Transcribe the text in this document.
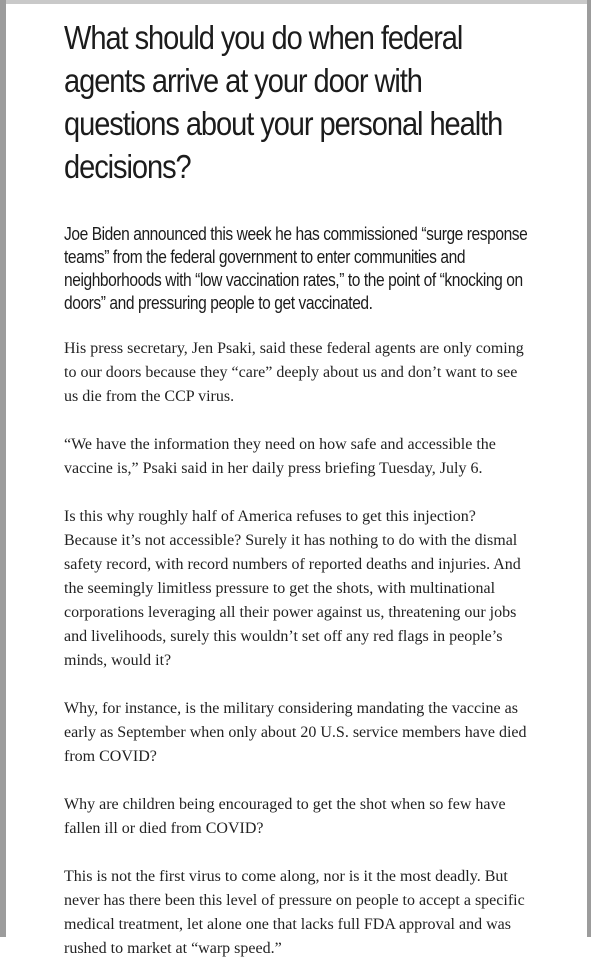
What should you do when federal agents arrive at your door with questions about your personal health decisions?
Joe Biden announced this week he has commissioned “surge response teams” from the federal government to enter communities and neighborhoods with “low vaccination rates,” to the point of “knocking on doors” and pressuring people to get vaccinated.

His press secretary, Jen Psaki, said these federal agents are only coming to our doors because they “care” deeply about us and don’t want to see us die from the CCP virus.

“We have the information they need on how safe and accessible the vaccine is,” Psaki said in her daily press briefing Tuesday, July 6.

Is this why roughly half of America refuses to get this injection? Because it’s not accessible? Surely it has nothing to do with the dismal safety record, with record numbers of reported deaths and injuries. And the seemingly limitless pressure to get the shots, with multinational corporations leveraging all their power against us, threatening our jobs and livelihoods, surely this wouldn’t set off any red flags in people’s minds, would it?

Why, for instance, is the military considering mandating the vaccine as early as September when only about 20 U.S. service members have died from COVID?

Why are children being encouraged to get the shot when so few have fallen ill or died from COVID?

This is not the first virus to come along, nor is it the most deadly. But never has there been this level of pressure on people to accept a specific medical treatment, let alone one that lacks full FDA approval and was rushed to market at “warp speed.”
